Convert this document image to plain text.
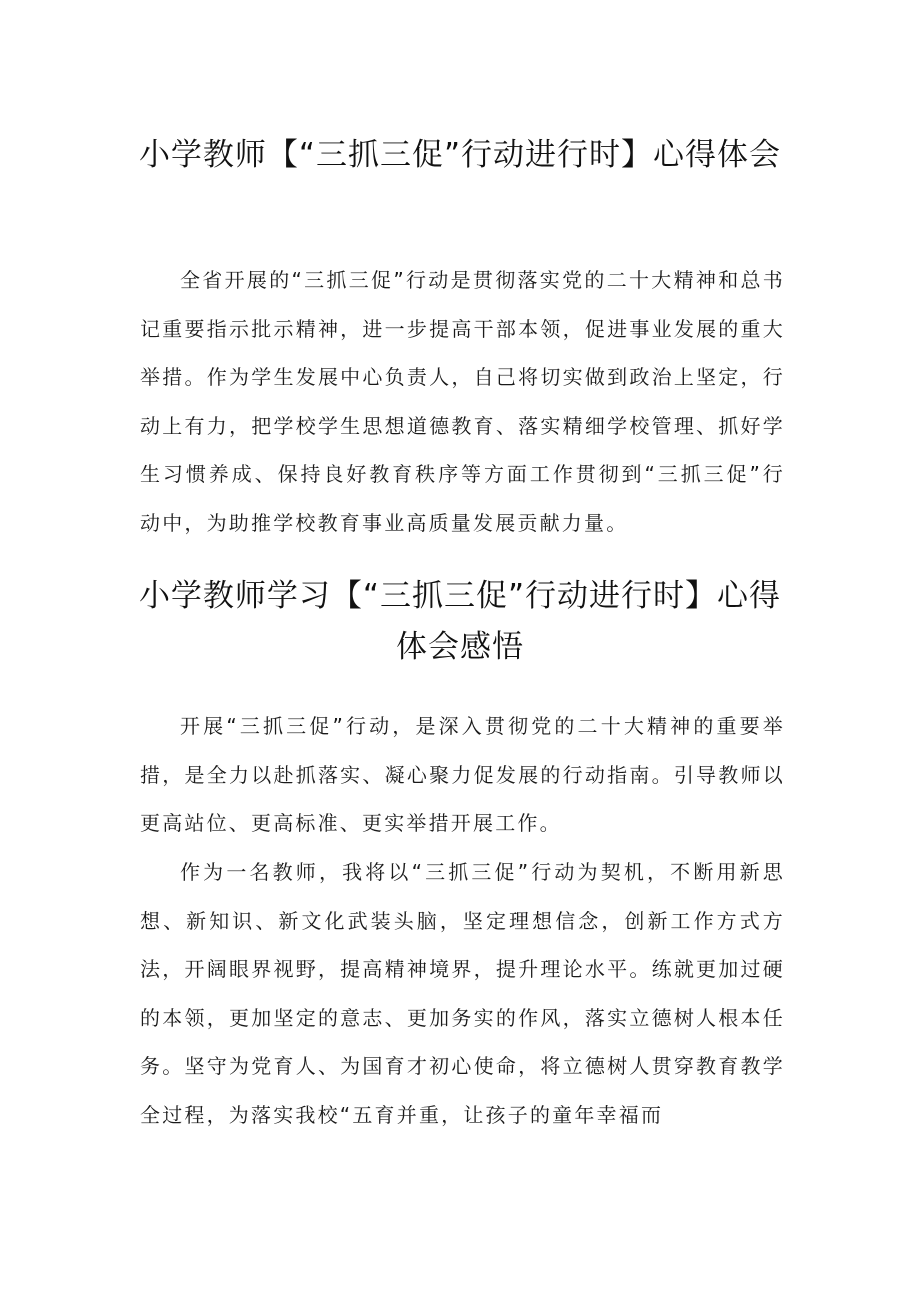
小学教师【“三抓三促”行动进行时】心得体会

全省开展的“三抓三促”行动是贯彻落实党的二十大精神和总书记重要指示批示精神，进一步提高干部本领，促进事业发展的重大举措。作为学生发展中心负责人，自己将切实做到政治上坚定，行动上有力，把学校学生思想道德教育、落实精细学校管理、抓好学生习惯养成、保持良好教育秩序等方面工作贯彻到“三抓三促”行动中，为助推学校教育事业高质量发展贡献力量。

小学教师学习【“三抓三促”行动进行时】心得体会感悟

开展“三抓三促”行动，是深入贯彻党的二十大精神的重要举措，是全力以赴抓落实、凝心聚力促发展的行动指南。引导教师以更高站位、更高标准、更实举措开展工作。

作为一名教师，我将以“三抓三促”行动为契机，不断用新思想、新知识、新文化武装头脑，坚定理想信念，创新工作方式方法，开阔眼界视野，提高精神境界，提升理论水平。练就更加过硬的本领，更加坚定的意志、更加务实的作风，落实立德树人根本任务。坚守为党育人、为国育才初心使命，将立德树人贯穿教育教学全过程，为落实我校“五育并重，让孩子的童年幸福而
